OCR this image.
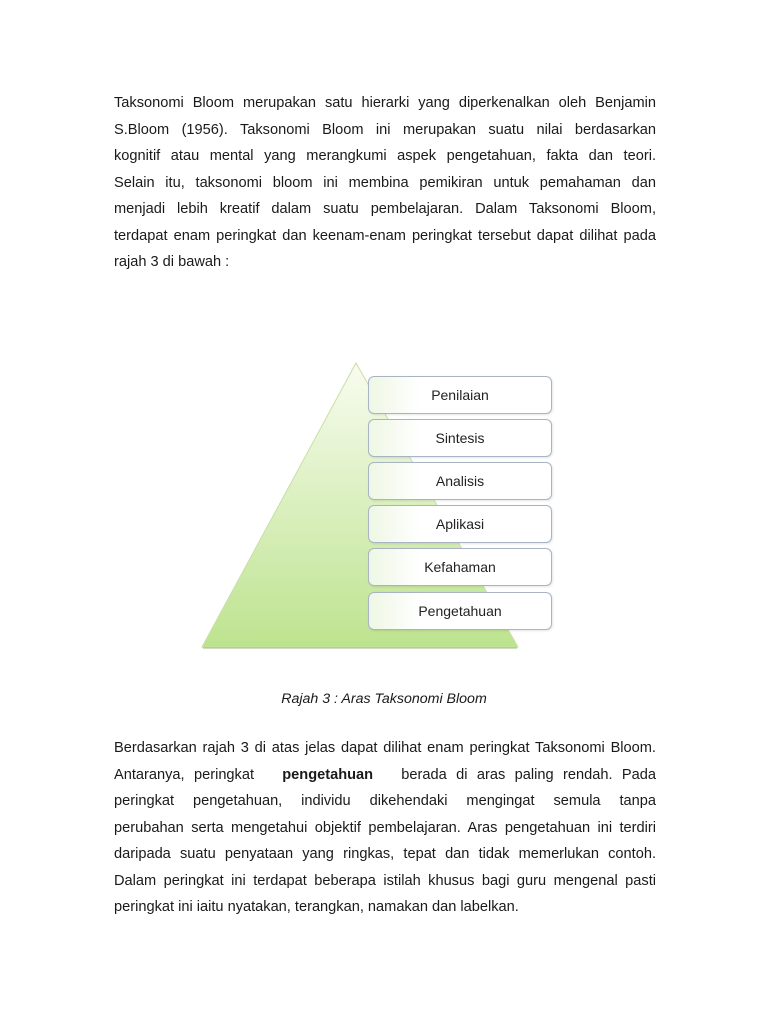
Taksonomi Bloom merupakan satu hierarki yang diperkenalkan oleh Benjamin
S.Bloom (1956). Taksonomi Bloom ini merupakan suatu nilai berdasarkan
kognitif atau mental yang merangkumi aspek pengetahuan, fakta dan teori.
Selain itu, taksonomi bloom ini membina pemikiran untuk pemahaman dan
menjadi lebih kreatif dalam suatu pembelajaran. Dalam Taksonomi Bloom,
terdapat enam peringkat dan keenam-enam peringkat tersebut dapat dilihat pada
rajah 3 di bawah :
Penilaian
Sintesis
Analisis
Aplikasi
Kefahaman
Pengetahuan
Rajah 3 : Aras Taksonomi Bloom
Berdasarkan rajah 3 di atas jelas dapat dilihat enam peringkat Taksonomi Bloom.
Antaranya, peringkat pengetahuan berada di aras paling rendah. Pada
peringkat pengetahuan, individu dikehendaki mengingat semula tanpa
perubahan serta mengetahui objektif pembelajaran. Aras pengetahuan ini terdiri
daripada suatu penyataan yang ringkas, tepat dan tidak memerlukan contoh.
Dalam peringkat ini terdapat beberapa istilah khusus bagi guru mengenal pasti
peringkat ini iaitu nyatakan, terangkan, namakan dan labelkan.
